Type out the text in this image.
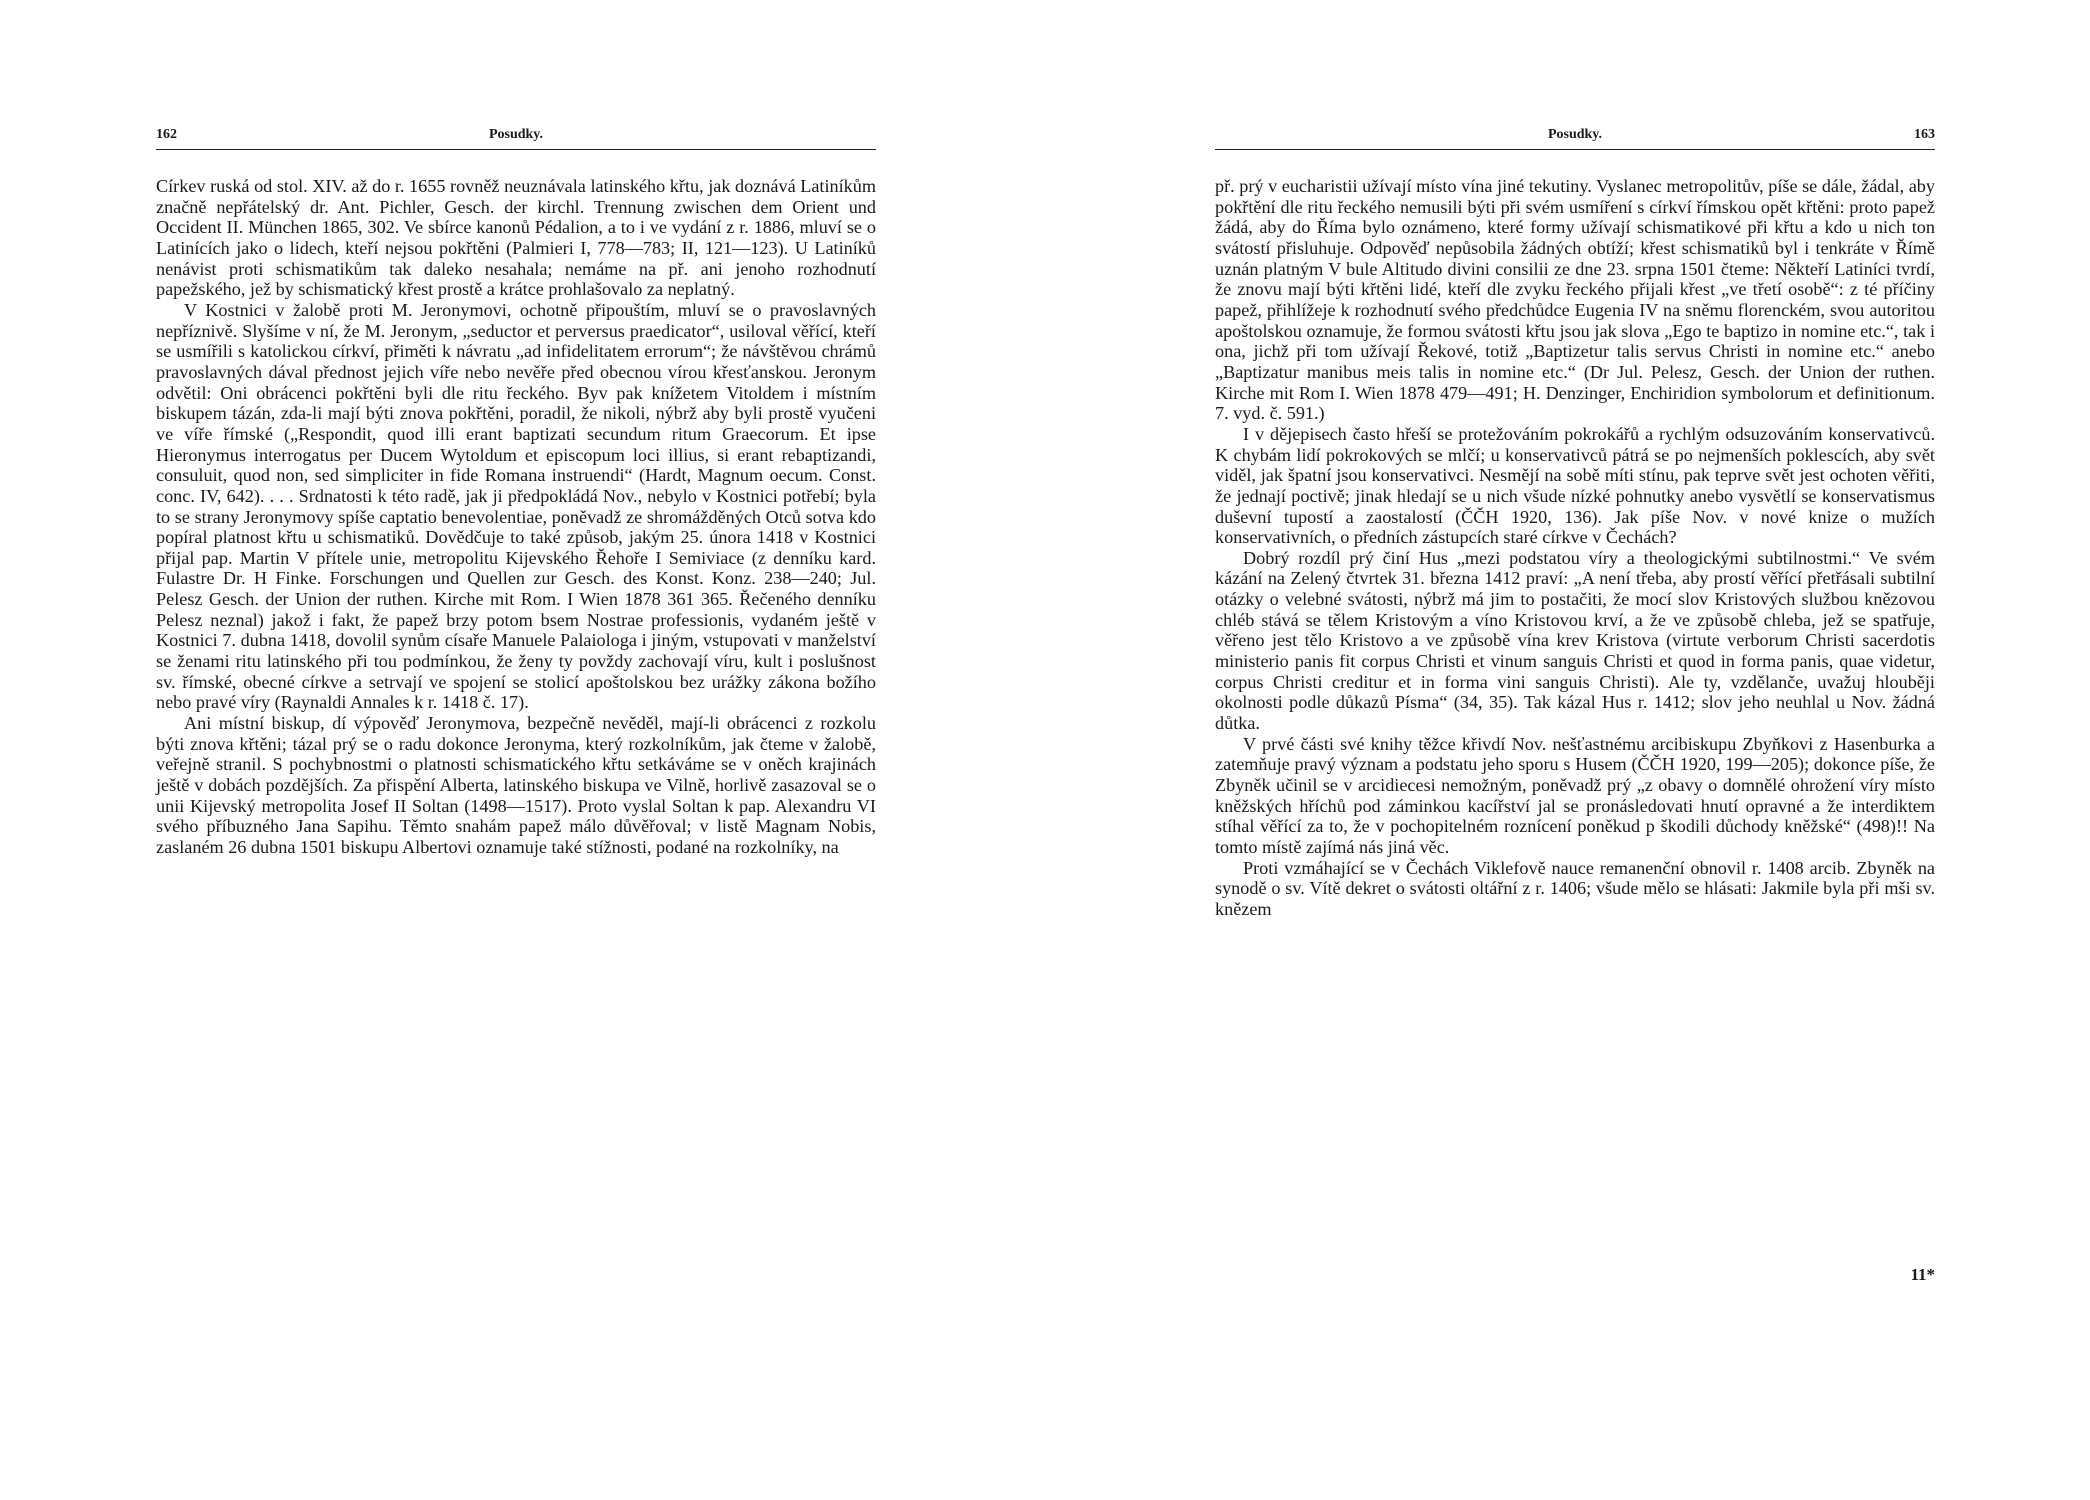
162	Posudky.

Církev ruská od stol. XIV. až do r. 1655 rovněž neuznávala latinského křtu, jak doznává Latiníkům značně nepřátelský dr. Ant. Pichler, Gesch. der kirchl. Trennung zwischen dem Orient und Occident II. München 1865, 302. Ve sbírce kanonů Pédalion, a to i ve vydání z r. 1886, mluví se o Latinících jako o lidech, kteří nejsou pokřtěni (Palmieri I, 778—783; II, 121—123). U Latiníků nenávist proti schismatikům tak daleko nesahala; nemáme na př. ani jenoho rozhodnutí papežského, jež by schismatický křest prostě a krátce prohlašovalo za neplatný.

V Kostnici v žalobě proti M. Jeronymovi, ochotně připouštím, mluví se o pravoslavných nepříznivě. Slyšíme v ní, že M. Jeronym, „seductor et perversus praedicator“, usiloval věřící, kteří se usmířili s katolickou církví, přiměti k návratu „ad infidelitatem errorum“; že návštěvou chrámů pravoslavných dával přednost jejich víře nebo nevěře před obecnou vírou křesťanskou. Jeronym odvětil: Oni obrácenci pokřtěni byli dle ritu řeckého. Byv pak knížetem Vitoldem i místním biskupem tázán, zda-li mají býti znova pokřtěni, poradil, že nikoli, nýbrž aby byli prostě vyučeni ve víře římské („Respondit, quod illi erant baptizati secundum ritum Graecorum. Et ipse Hieronymus interrogatus per Ducem Wytoldum et episcopum loci illius, si erant rebaptizandi, consuluit, quod non, sed simpliciter in fide Romana instruendi“ (Hardt, Magnum oecum. Const. conc. IV, 642). . . . Srdnatosti k této radě, jak ji předpokládá Nov., nebylo v Kostnici potřebí; byla to se strany Jeronymovy spíše captatio benevolentiae, poněvadž ze shromážděných Otců sotva kdo popíral platnost křtu u schismatiků. Dovědčuje to také způsob, jakým 25. února 1418 v Kostnici přijal pap. Martin V přítele unie, metropolitu Kijevského Řehoře I Semiviace (z denníku kard. Fulastre Dr. H Finke. Forschungen und Quellen zur Gesch. des Konst. Konz. 238—240; Jul. Pelesz Gesch. der Union der ruthen. Kirche mit Rom. I Wien 1878 361 365. Řečeného denníku Pelesz neznal) jakož i fakt, že papež brzy potom bsem Nostrae professionis, vydaném ještě v Kostnici 7. dubna 1418, dovolil synům císaře Manuele Palaiologa i jiným, vstupovati v manželství se ženami ritu latinského při tou podmínkou, že ženy ty povždy zachovají víru, kult i poslušnost sv. římské, obecné církve a setrvají ve spojení se stolicí apoštolskou bez urážky zákona božího nebo pravé víry (Raynaldi Annales k r. 1418 č. 17).

Ani místní biskup, dí výpověď Jeronymova, bezpečně nevěděl, mají-li obrácenci z rozkolu býti znova křtěni; tázal prý se o radu dokonce Jeronyma, který rozkolníkům, jak čteme v žalobě, veřejně stranil. S pochybnostmi o platnosti schismatického křtu setkáváme se v oněch krajinách ještě v dobách pozdějších. Za přispění Alberta, latinského biskupa ve Vilně, horlivě zasazoval se o unii Kijevský metropolita Josef II Soltan (1498—1517). Proto vyslal Soltan k pap. Alexandru VI svého příbuzného Jana Sapihu. Těmto snahám papež málo důvěřoval; v listě Magnam Nobis, zaslaném 26 dubna 1501 biskupu Albertovi oznamuje také stížnosti, podané na rozkolníky, na

Posudky.	163

př. prý v eucharistii užívají místo vína jiné tekutiny. Vyslanec metropolitův, píše se dále, žádal, aby pokřtění dle ritu řeckého nemusili býti při svém usmíření s církví římskou opět křtěni: proto papež žádá, aby do Říma bylo oznámeno, které formy užívají schismatikové při křtu a kdo u nich ton svátostí přisluhuje. Odpověď nepůsobila žádných obtíží; křest schismatiků byl i tenkráte v Římě uznán platným V bule Altitudo divini consilii ze dne 23. srpna 1501 čteme: Někteří Latiníci tvrdí, že znovu mají býti křtěni lidé, kteří dle zvyku řeckého přijali křest „ve třetí osobě“: z té příčiny papež, přihlížeje k rozhodnutí svého předchůdce Eugenia IV na sněmu florenckém, svou autoritou apoštolskou oznamuje, že formou svátosti křtu jsou jak slova „Ego te baptizo in nomine etc.“, tak i ona, jichž při tom užívají Řekové, totiž „Baptizetur talis servus Christi in nomine etc.“ anebo „Baptizatur manibus meis talis in nomine etc.“ (Dr Jul. Pelesz, Gesch. der Union der ruthen. Kirche mit Rom I. Wien 1878 479—491; H. Denzinger, Enchiridion symbolorum et definitionum. 7. vyd. č. 591.)

I v dějepisech často hřeší se protežováním pokrokářů a rychlým odsuzováním konservativců. K chybám lidí pokrokových se mlčí; u konservativců pátrá se po nejmenších poklescích, aby svět viděl, jak špatní jsou konservativci. Nesmějí na sobě míti stínu, pak teprve svět jest ochoten věřiti, že jednají poctivě; jinak hledají se u nich všude nízké pohnutky anebo vysvětlí se konservatismus duševní tupostí a zaostalostí (ČČH 1920, 136). Jak píše Nov. v nové knize o mužích konservativních, o předních zástupcích staré církve v Čechách?

Dobrý rozdíl prý činí Hus „mezi podstatou víry a theologickými subtilnostmi.“ Ve svém kázání na Zelený čtvrtek 31. března 1412 praví: „A není třeba, aby prostí věřící přetřásali subtilní otázky o velebné svátosti, nýbrž má jim to postačiti, že mocí slov Kristových službou knězovou chléb stává se tělem Kristovým a víno Kristovou krví, a že ve způsobě chleba, jež se spatřuje, věřeno jest tělo Kristovo a ve způsobě vína krev Kristova (virtute verborum Christi sacerdotis ministerio panis fit corpus Christi et vinum sanguis Christi et quod in forma panis, quae videtur, corpus Christi creditur et in forma vini sanguis Christi). Ale ty, vzdělanče, uvažuj hlouběji okolnosti podle důkazů Písma“ (34, 35). Tak kázal Hus r. 1412; slov jeho neuhlal u Nov. žádná důtka.

V prvé části své knihy těžce křivdí Nov. nešťastnému arcibiskupu Zbyňkovi z Hasenburka a zatemňuje pravý význam a podstatu jeho sporu s Husem (ČČH 1920, 199—205); dokonce píše, že Zbyněk učinil se v arcidiecesi nemožným, poněvadž prý „z obavy o domnělé ohrožení víry místo kněžských hříchů pod záminkou kacířství jal se pronásledovati hnutí opravné a že interdiktem stíhal věřící za to, že v pochopitelném roznícení poněkud p škodili důchody kněžské“ (498)!! Na tomto místě zajímá nás jiná věc.

Proti vzmáhající se v Čechách Viklefově nauce remanenční obnovil r. 1408 arcib. Zbyněk na synodě o sv. Vítě dekret o svátosti oltářní z r. 1406; všude mělo se hlásati: Jakmile byla při mši sv. knězem

11*
